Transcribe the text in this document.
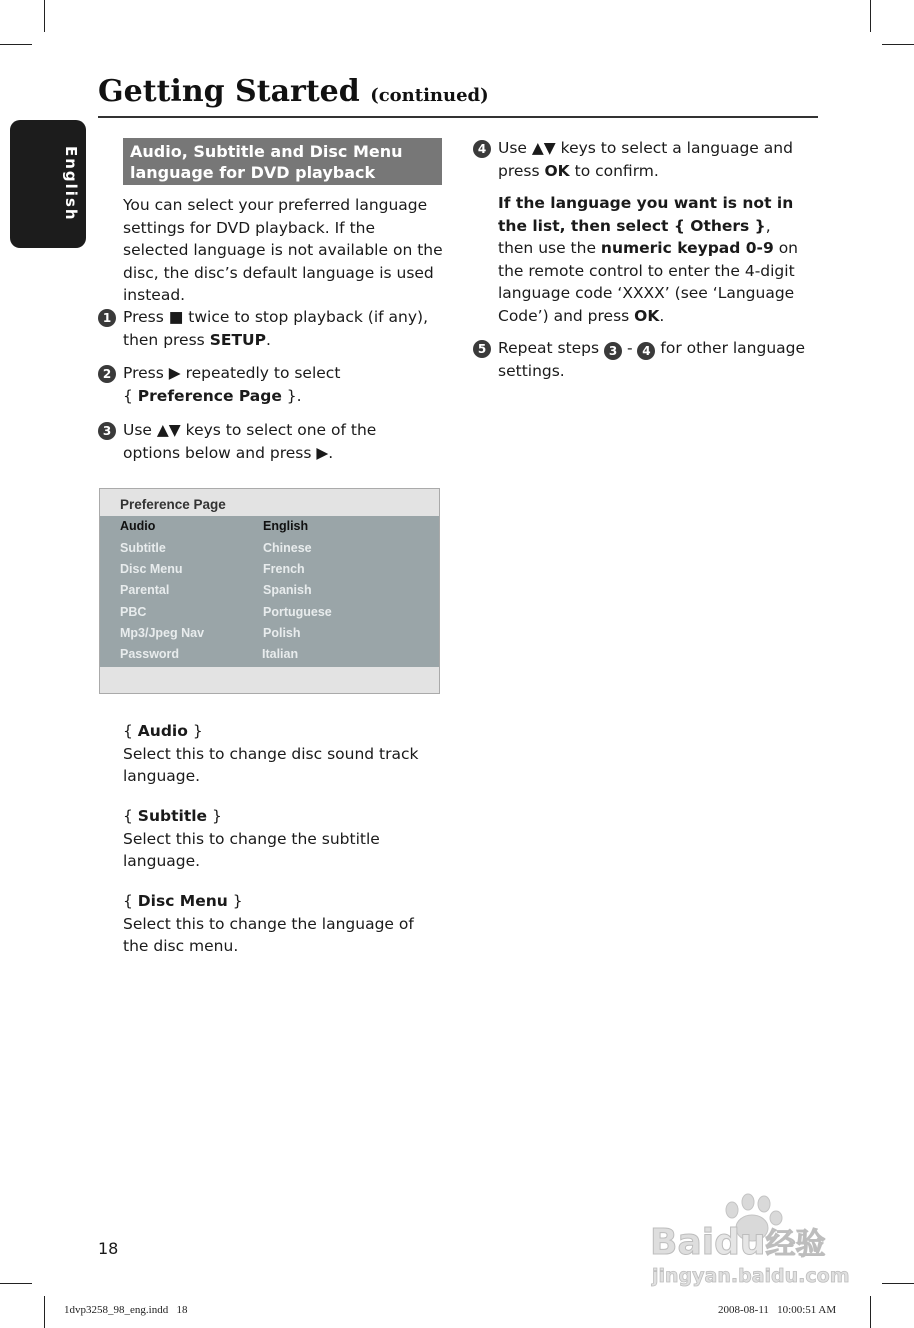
English
Getting Started (continued)
Audio, Subtitle and Disc Menu
language for DVD playback

You can select your preferred language settings for DVD playback. If the selected language is not available on the disc, the disc’s default language is used instead.

1 Press ■ twice to stop playback (if any), then press SETUP.
2 Press ▶ repeatedly to select
{ Preference Page }.
3 Use ▲▼ keys to select one of the options below and press ▶.
Preference Page
Audio	English
Subtitle	Chinese
Disc Menu	French
Parental	Spanish
PBC	Portuguese
Mp3/Jpeg Nav	Polish
Password	Italian
{ Audio }
Select this to change disc sound track language.
{ Subtitle }
Select this to change the subtitle language.
{ Disc Menu }
Select this to change the language of the disc menu.
4 Use ▲▼ keys to select a language and press OK to confirm.

If the language you want is not in the list, then select { Others }, then use the numeric keypad 0-9 on the remote control to enter the 4-digit language code ‘XXXX’ (see ‘Language Code’) and press OK.

5 Repeat steps 3 - 4 for other language settings.
18
1dvp3258_98_eng.indd   18	2008-08-11   10:00:51 AM
Baidu经验
jingyan.baidu.com
